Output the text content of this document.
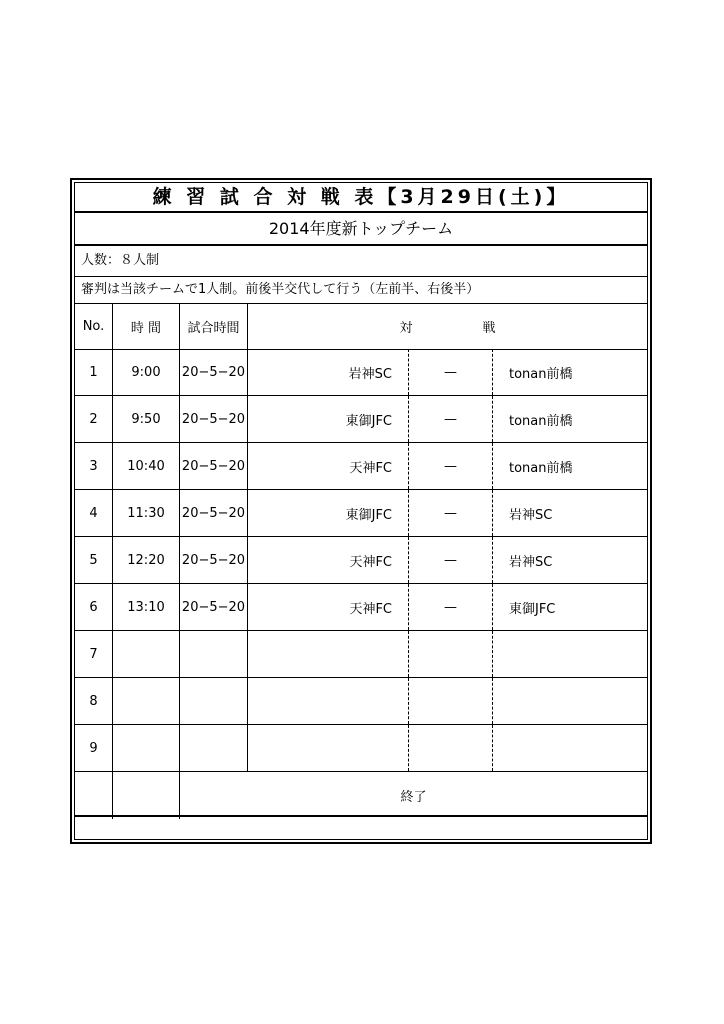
練 習 試 合 対 戦 表【3月29日(土)】
2014年度新トップチーム
人数：８人制
審判は当該チームで1人制。前後半交代して行う（左前半、右後半）
No.	時 間	試合時間	対	戦
1	9:00	20−5−20	岩神SC	—	tonan前橋
2	9:50	20−5−20	東御JFC	—	tonan前橋
3	10:40	20−5−20	天神FC	—	tonan前橋
4	11:30	20−5−20	東御JFC	—	岩神SC
5	12:20	20−5−20	天神FC	—	岩神SC
6	13:10	20−5−20	天神FC	—	東御JFC
7
8
9
終了
